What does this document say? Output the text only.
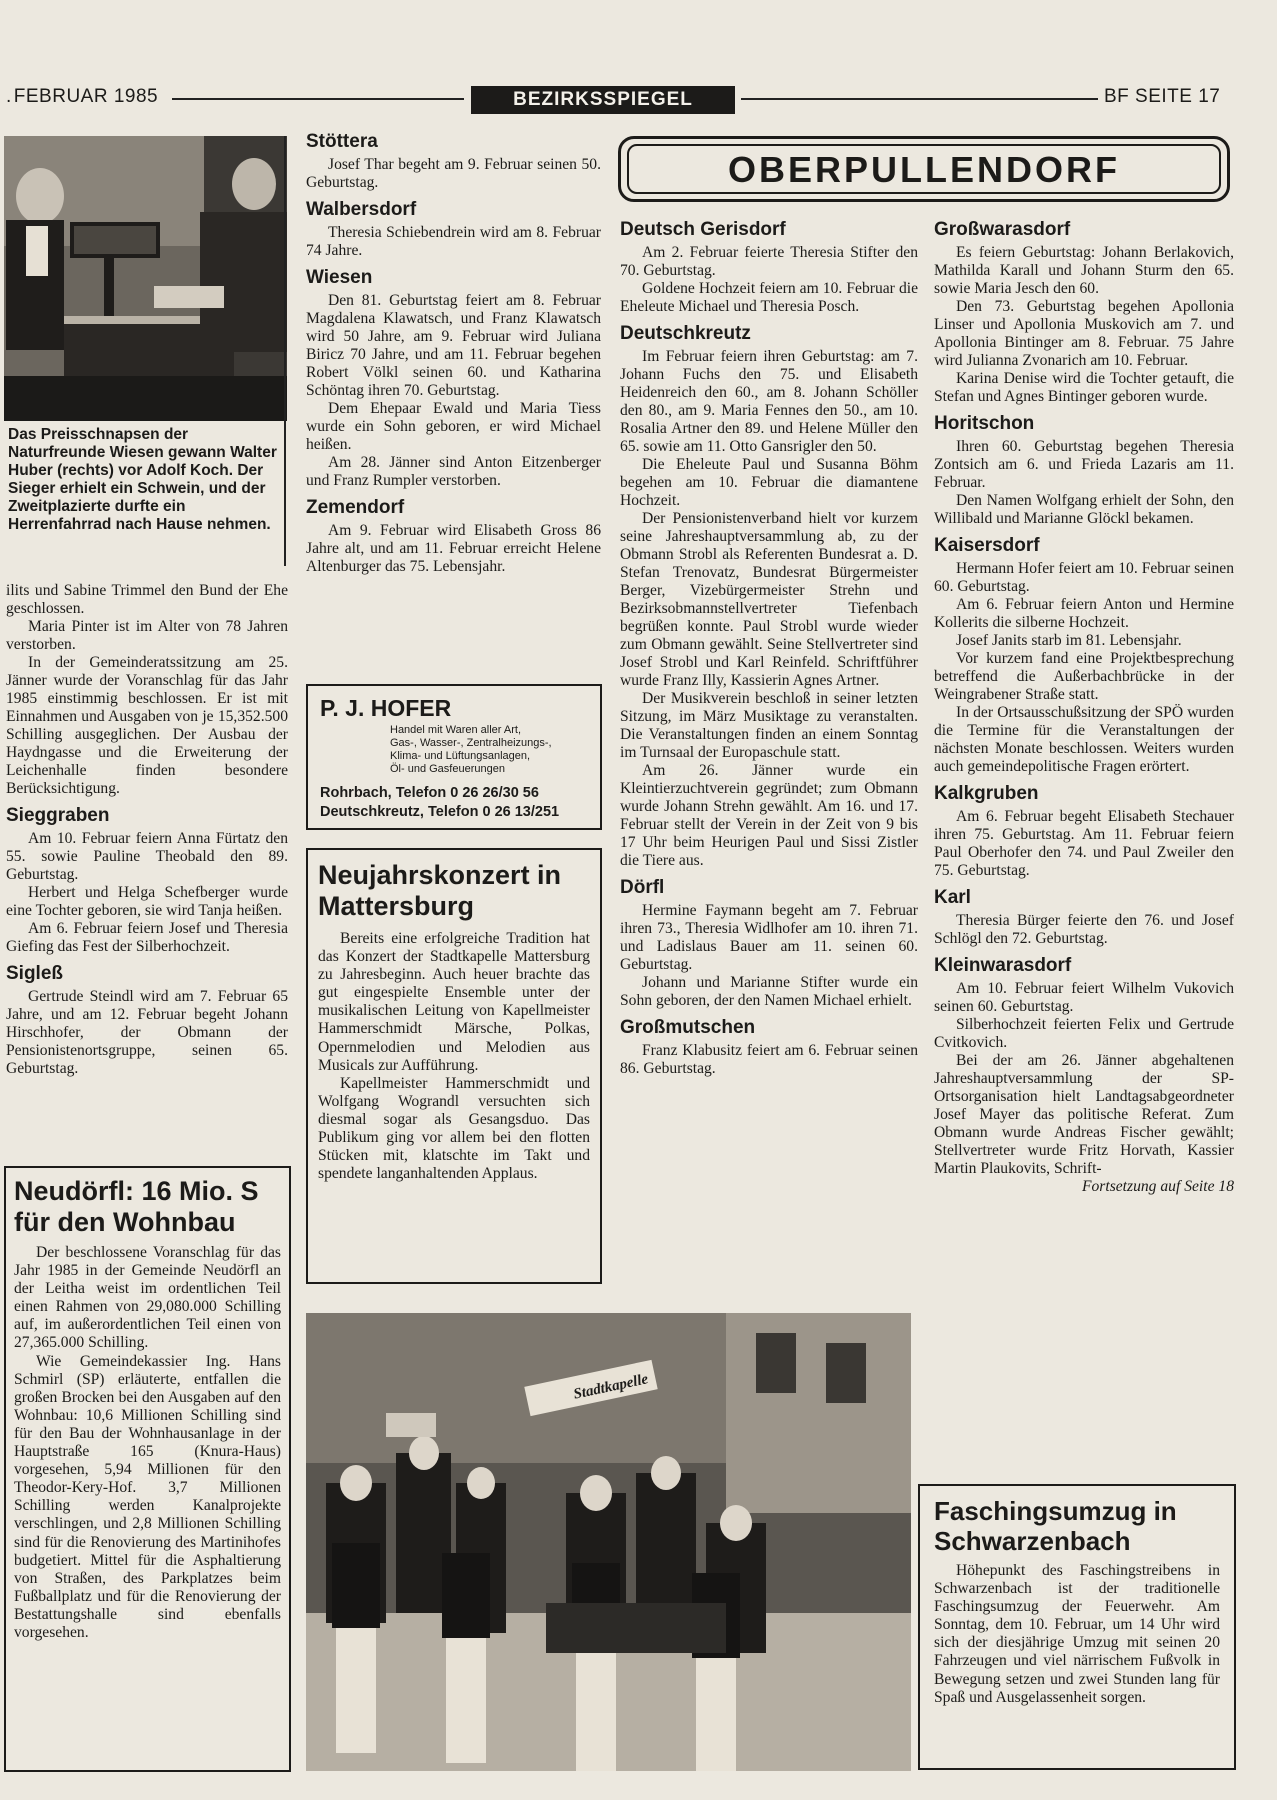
. FEBRUAR 1985	BEZIRKSSPIEGEL	BF SEITE 17
Das Preisschnapsen der Naturfreunde Wiesen gewann Walter Huber (rechts) vor Adolf Koch. Der Sieger erhielt ein Schwein, und der Zweitplazierte durfte ein Herrenfahrrad nach Hause nehmen.

ilits und Sabine Trimmel den Bund der Ehe geschlossen.

Maria Pinter ist im Alter von 78 Jahren verstorben.

In der Gemeinderatssitzung am 25. Jänner wurde der Voranschlag für das Jahr 1985 einstimmig beschlossen. Er ist mit Einnahmen und Ausgaben von je 15,352.500 Schilling ausgeglichen. Der Ausbau der Haydngasse und die Erweiterung der Leichenhalle finden besondere Berücksichtigung.

Sieggraben

Am 10. Februar feiern Anna Fürtatz den 55. sowie Pauline Theobald den 89. Geburtstag.

Herbert und Helga Schefberger wurde eine Tochter geboren, sie wird Tanja heißen.

Am 6. Februar feiern Josef und Theresia Giefing das Fest der Silberhochzeit.

Sigleß

Gertrude Steindl wird am 7. Februar 65 Jahre, und am 12. Februar begeht Johann Hirschhofer, der Obmann der Pensionistenortsgruppe, seinen 65. Geburtstag.

Neudörfl: 16 Mio. S für den Wohnbau

Der beschlossene Voranschlag für das Jahr 1985 in der Gemeinde Neudörfl an der Leitha weist im ordentlichen Teil einen Rahmen von 29,080.000 Schilling auf, im außerordentlichen Teil einen von 27,365.000 Schilling.

Wie Gemeindekassier Ing. Hans Schmirl (SP) erläuterte, entfallen die großen Brocken bei den Ausgaben auf den Wohnbau: 10,6 Millionen Schilling sind für den Bau der Wohnhausanlage in der Hauptstraße 165 (Knura-Haus) vorgesehen, 5,94 Millionen für den Theodor-Kery-Hof. 3,7 Millionen Schilling werden Kanalprojekte verschlingen, und 2,8 Millionen Schilling sind für die Renovierung des Martinihofes budgetiert. Mittel für die Asphaltierung von Straßen, des Parkplatzes beim Fußballplatz und für die Renovierung der Bestattungshalle sind ebenfalls vorgesehen.

Stöttera

Josef Thar begeht am 9. Februar seinen 50. Geburtstag.

Walbersdorf

Theresia Schiebendrein wird am 8. Februar 74 Jahre.

Wiesen

Den 81. Geburtstag feiert am 8. Februar Magdalena Klawatsch, und Franz Klawatsch wird 50 Jahre, am 9. Februar wird Juliana Biricz 70 Jahre, und am 11. Februar begehen Robert Völkl seinen 60. und Katharina Schöntag ihren 70. Geburtstag.

Dem Ehepaar Ewald und Maria Tiess wurde ein Sohn geboren, er wird Michael heißen.

Am 28. Jänner sind Anton Eitzenberger und Franz Rumpler verstorben.

Zemendorf

Am 9. Februar wird Elisabeth Gross 86 Jahre alt, und am 11. Februar erreicht Helene Altenburger das 75. Lebensjahr.

P. J. HOFER
Handel mit Waren aller Art,
Gas-, Wasser-, Zentralheizungs-,
Klima- und Lüftungsanlagen,
Öl- und Gasfeuerungen
Rohrbach, Telefon 0 26 26/30 56
Deutschkreutz, Telefon 0 26 13/251
Neujahrskonzert in Mattersburg

Bereits eine erfolgreiche Tradition hat das Konzert der Stadtkapelle Mattersburg zu Jahresbeginn. Auch heuer brachte das gut eingespielte Ensemble unter der musikalischen Leitung von Kapellmeister Hammerschmidt Märsche, Polkas, Opernmelodien und Melodien aus Musicals zur Aufführung.

Kapellmeister Hammerschmidt und Wolfgang Wograndl versuchten sich diesmal sogar als Gesangsduo. Das Publikum ging vor allem bei den flotten Stücken mit, klatschte im Takt und spendete langanhaltenden Applaus.

OBERPULLENDORF
Deutsch Gerisdorf

Am 2. Februar feierte Theresia Stifter den 70. Geburtstag.

Goldene Hochzeit feiern am 10. Februar die Eheleute Michael und Theresia Posch.

Deutschkreutz

Im Februar feiern ihren Geburtstag: am 7. Johann Fuchs den 75. und Elisabeth Heidenreich den 60., am 8. Johann Schöller den 80., am 9. Maria Fennes den 50., am 10. Rosalia Artner den 89. und Helene Müller den 65. sowie am 11. Otto Gansrigler den 50.

Die Eheleute Paul und Susanna Böhm begehen am 10. Februar die diamantene Hochzeit.

Der Pensionistenverband hielt vor kurzem seine Jahreshauptversammlung ab, zu der Obmann Strobl als Referenten Bundesrat a. D. Stefan Trenovatz, Bundesrat Bürgermeister Berger, Vizebürgermeister Strehn und Bezirksobmannstellvertreter Tiefenbach begrüßen konnte. Paul Strobl wurde wieder zum Obmann gewählt. Seine Stellvertreter sind Josef Strobl und Karl Reinfeld. Schriftführer wurde Franz Illy, Kassierin Agnes Artner.

Der Musikverein beschloß in seiner letzten Sitzung, im März Musiktage zu veranstalten. Die Veranstaltungen finden an einem Sonntag im Turnsaal der Europaschule statt.

Am 26. Jänner wurde ein Kleintierzuchtverein gegründet; zum Obmann wurde Johann Strehn gewählt. Am 16. und 17. Februar stellt der Verein in der Zeit von 9 bis 17 Uhr beim Heurigen Paul und Sissi Zistler die Tiere aus.

Dörfl

Hermine Faymann begeht am 7. Februar ihren 73., Theresia Widlhofer am 10. ihren 71. und Ladislaus Bauer am 11. seinen 60. Geburtstag.

Johann und Marianne Stifter wurde ein Sohn geboren, der den Namen Michael erhielt.

Großmutschen

Franz Klabusitz feiert am 6. Februar seinen 86. Geburtstag.

Großwarasdorf

Es feiern Geburtstag: Johann Berlakovich, Mathilda Karall und Johann Sturm den 65. sowie Maria Jesch den 60.

Den 73. Geburtstag begehen Apollonia Linser und Apollonia Muskovich am 7. und Apollonia Bintinger am 8. Februar. 75 Jahre wird Julianna Zvonarich am 10. Februar.

Karina Denise wird die Tochter getauft, die Stefan und Agnes Bintinger geboren wurde.

Horitschon

Ihren 60. Geburtstag begehen Theresia Zontsich am 6. und Frieda Lazaris am 11. Februar.

Den Namen Wolfgang erhielt der Sohn, den Willibald und Marianne Glöckl bekamen.

Kaisersdorf

Hermann Hofer feiert am 10. Februar seinen 60. Geburtstag.

Am 6. Februar feiern Anton und Hermine Kollerits die silberne Hochzeit.

Josef Janits starb im 81. Lebensjahr.

Vor kurzem fand eine Projektbesprechung betreffend die Außerbachbrücke in der Weingrabener Straße statt.

In der Ortsausschußsitzung der SPÖ wurden die Termine für die Veranstaltungen der nächsten Monate beschlossen. Weiters wurden auch gemeindepolitische Fragen erörtert.

Kalkgruben

Am 6. Februar begeht Elisabeth Stechauer ihren 75. Geburtstag. Am 11. Februar feiern Paul Oberhofer den 74. und Paul Zweiler den 75. Geburtstag.

Karl

Theresia Bürger feierte den 76. und Josef Schlögl den 72. Geburtstag.

Kleinwarasdorf

Am 10. Februar feiert Wilhelm Vukovich seinen 60. Geburtstag.

Silberhochzeit feierten Felix und Gertrude Cvitkovich.

Bei der am 26. Jänner abgehaltenen Jahreshauptversammlung der SP-Ortsorganisation hielt Landtagsabgeordneter Josef Mayer das politische Referat. Zum Obmann wurde Andreas Fischer gewählt; Stellvertreter wurde Fritz Horvath, Kassier Martin Plaukovits, Schrift-

Fortsetzung auf Seite 18
Stadtkapelle
Faschingsumzug in Schwarzenbach

Höhepunkt des Faschingstreibens in Schwarzenbach ist der traditionelle Faschingsumzug der Feuerwehr. Am Sonntag, dem 10. Februar, um 14 Uhr wird sich der diesjährige Umzug mit seinen 20 Fahrzeugen und viel närrischem Fußvolk in Bewegung setzen und zwei Stunden lang für Spaß und Ausgelassenheit sorgen.
